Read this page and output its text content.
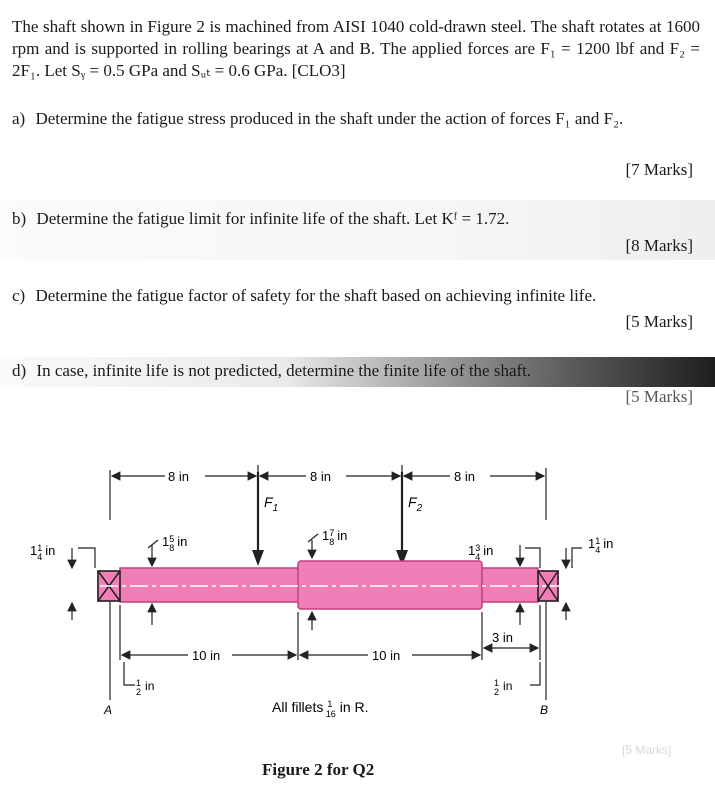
The shaft shown in Figure 2 is machined from AISI 1040 cold-drawn steel. The shaft rotates at 1600 rpm and is supported in rolling bearings at A and B. The applied forces are F₁ = 1200 lbf and F₂ = 2F₁. Let Sᵧ = 0.5 GPa and Sᵤₜ = 0.6 GPa. [CLO3]

a) Determine the fatigue stress produced in the shaft under the action of forces F₁ and F₂.
[7 Marks]
b) Determine the fatigue limit for infinite life of the shaft. Let Kᶠ = 1.72.
[8 Marks]
c) Determine the fatigue factor of safety for the shaft based on achieving infinite life.
[5 Marks]
d) In case, infinite life is not predicted, determine the finite life of the shaft.
[5 Marks]
8 in	8 in	8 in
$F_1$	$F_2$
10 in	10 in
3 in
$1^1$ 4 in
$1^5$ 8 in	$1^7$ 8 in
$1^3$ 4 in	$1^1$ 4 in
$^1$ 2 in	$^1$ 2 in
A	B
All fillets $^1$ 16 in R.
[5 Marks]
Figure 2 for Q2
